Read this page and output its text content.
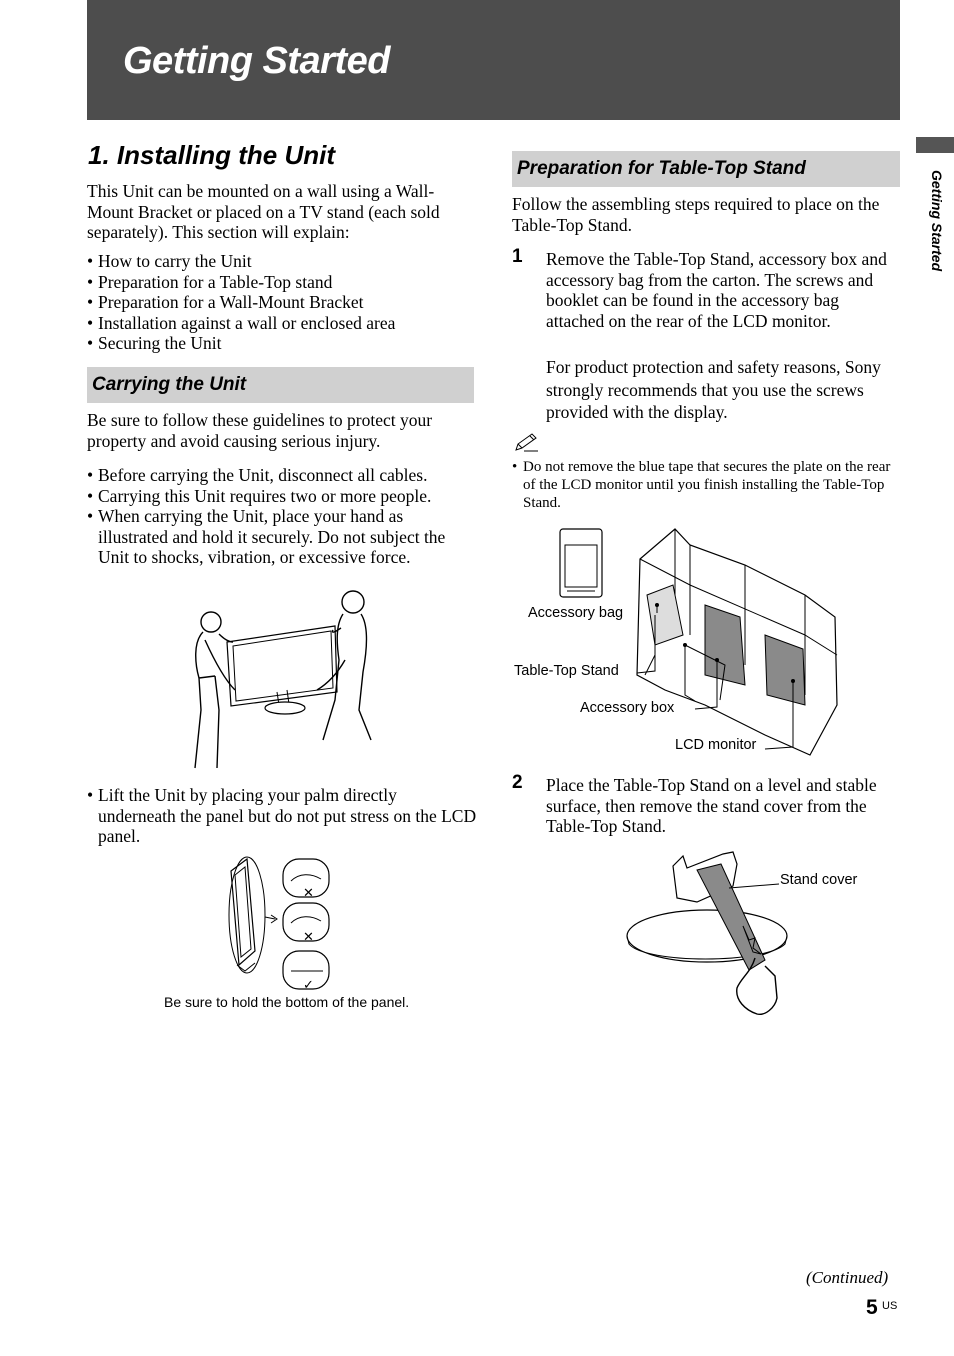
Getting Started
Getting Started
1. Installing the Unit

This Unit can be mounted on a wall using a Wall-Mount Bracket or placed on a TV stand (each sold separately). This section will explain:

• How to carry the Unit
• Preparation for a Table-Top stand
• Preparation for a Wall-Mount Bracket
• Installation against a wall or enclosed area
• Securing the Unit
Carrying the Unit

Be sure to follow these guidelines to protect your property and avoid causing serious injury.

• Before carrying the Unit, disconnect all cables.
• Carrying this Unit requires two or more people.
• When carrying the Unit, place your hand as illustrated and hold it securely. Do not subject the Unit to shocks, vibration, or excessive force.
• Lift the Unit by placing your palm directly underneath the panel but do not put stress on the LCD panel.
✕
✕
✓
Be sure to hold the bottom of the panel.
Preparation for Table-Top Stand

Follow the assembling steps required to place on the Table-Top Stand.

1 Remove the Table-Top Stand, accessory box and accessory bag from the carton. The screws and booklet can be found in the accessory bag attached on the rear of the LCD monitor.

For product protection and safety reasons, Sony strongly recommends that you use the screws provided with the display.

• Do not remove the blue tape that secures the plate on the rear of the LCD monitor until you finish installing the Table-Top Stand.
Accessory bag
Table-Top Stand
Accessory box
LCD monitor
2 Place the Table-Top Stand on a level and stable surface, then remove the stand cover from the Table-Top Stand.

Stand cover
(Continued)
5 US
